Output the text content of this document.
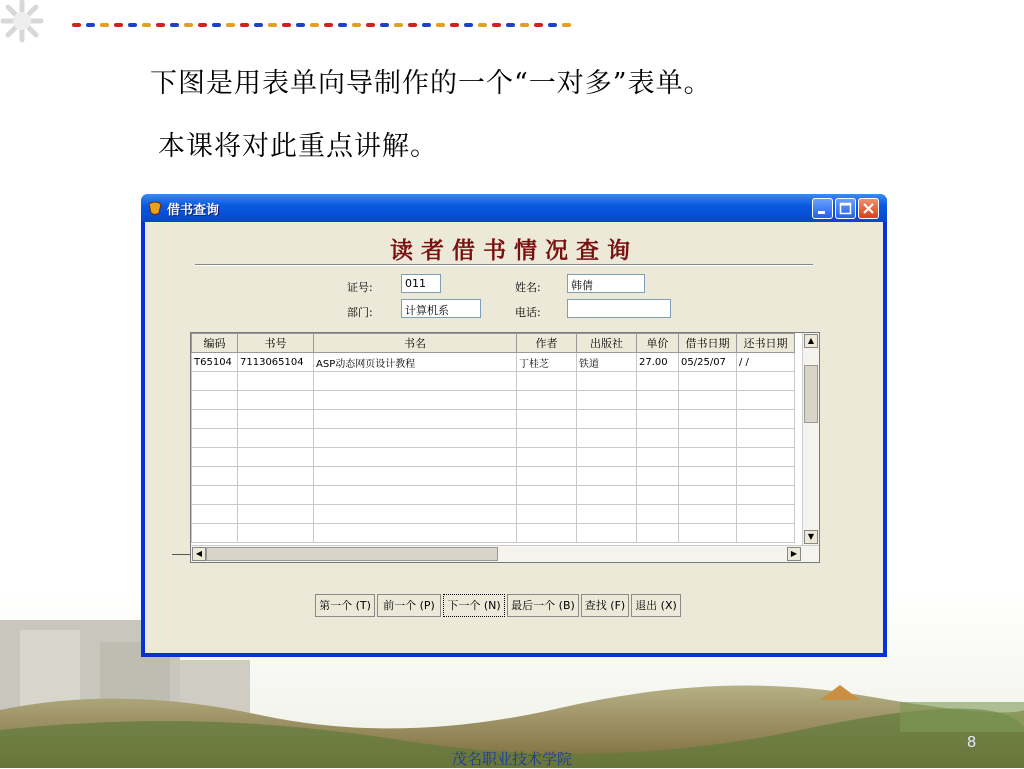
下图是用表单向导制作的一个“一对多”表单。
本课将对此重点讲解。
茂名职业技术学院
8
借书查询
读者借书情况查询
证号:	011	姓名:	韩倩
部门:	计算机系	电话:
编码	书号	书名	作者	出版社	单价	借书日期	还书日期
T65104	7113065104	ASP动态网页设计教程	丁桂芝	铁道	27.00	05/25/07	/ /

▲
▼
◀	▶
第一个 (T)	前一个 (P)	下一个 (N) 最后一个 (B) 查找 (F) 退出 (X)
